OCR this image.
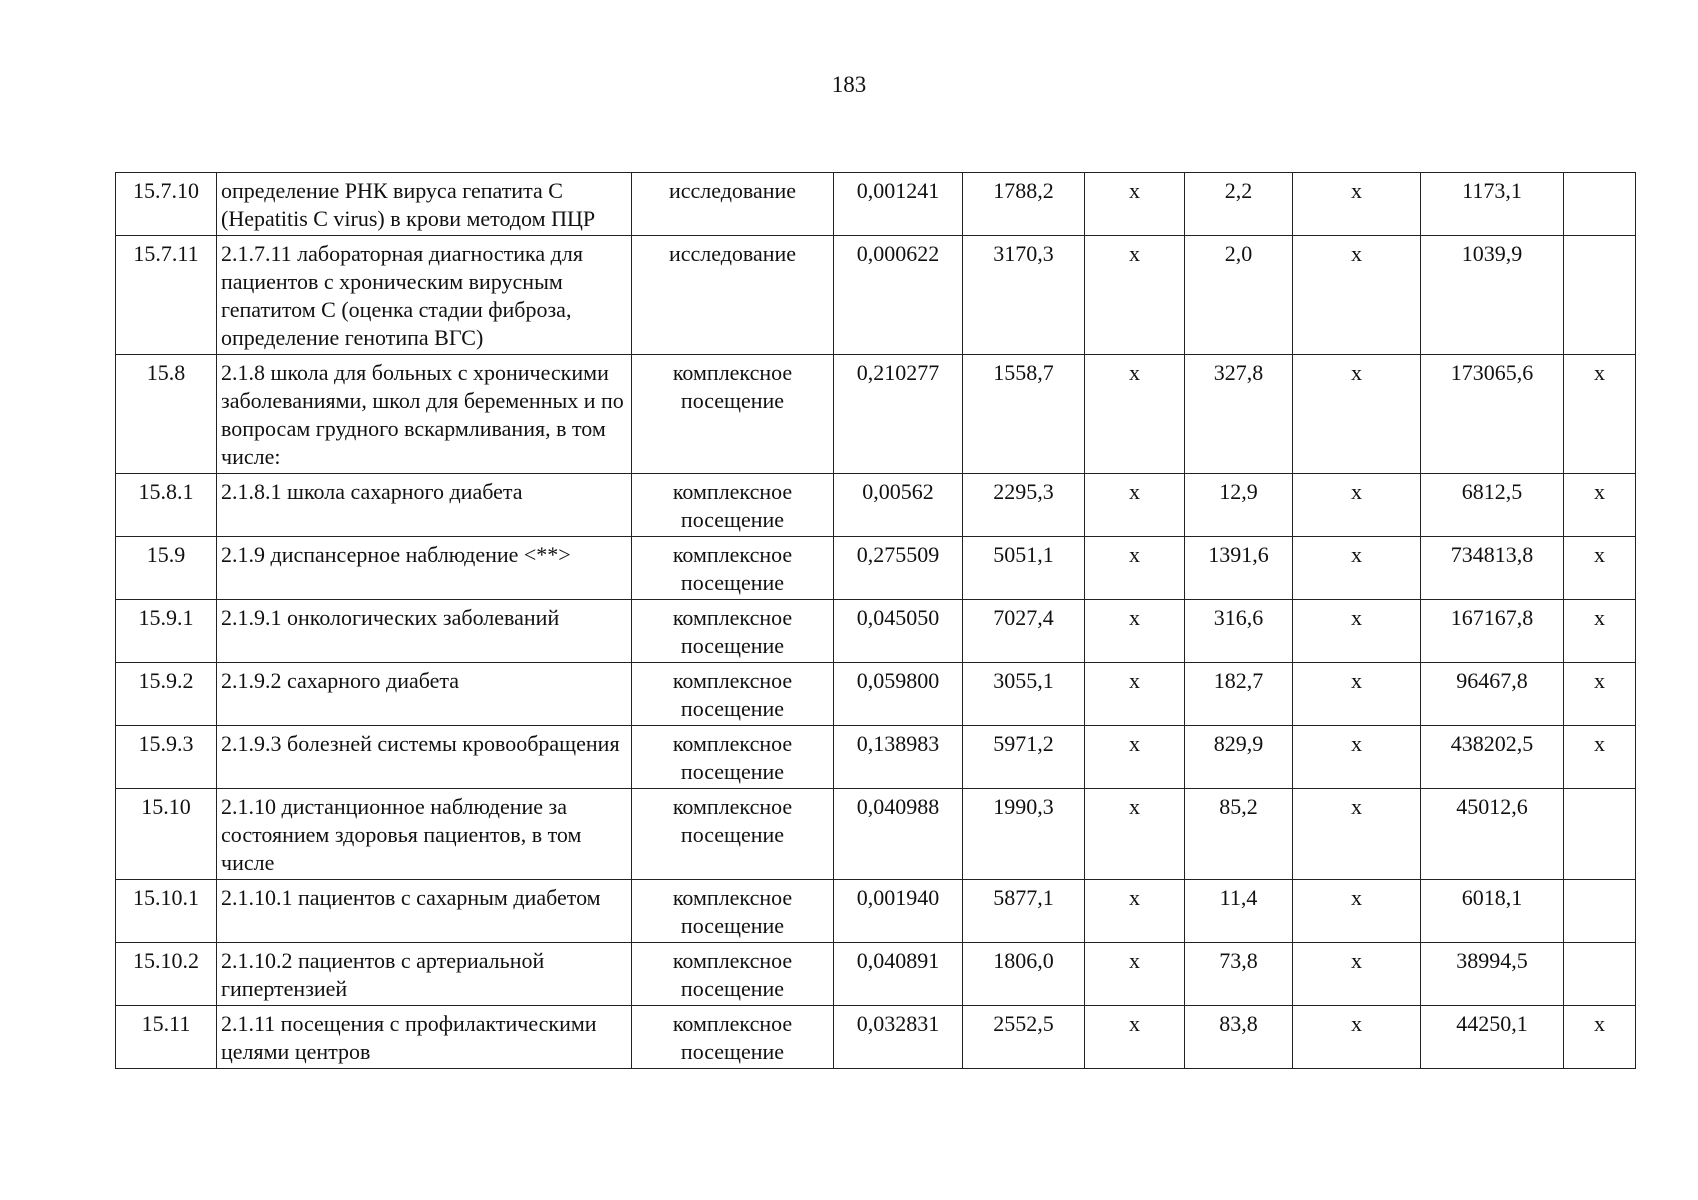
183
15.7.10	определение РНК вируса гепатита С (Hepatitis C virus) в крови методом ПЦР	исследование	0,001241	1788,2	х	2,2	х	1173,1	
15.7.11	2.1.7.11 лабораторная диагностика для пациентов с хроническим вирусным гепатитом С (оценка стадии фиброза, определение генотипа ВГС)	исследование	0,000622	3170,3	х	2,0	х	1039,9	
15.8	2.1.8 школа для больных с хроническими заболеваниями, школ для беременных и по вопросам грудного вскармливания, в том числе:	комплексное посещение	0,210277	1558,7	х	327,8	х	173065,6	х
15.8.1	2.1.8.1 школа сахарного диабета	комплексное посещение	0,00562	2295,3	х	12,9	х	6812,5	х
15.9	2.1.9 диспансерное наблюдение <**>	комплексное посещение	0,275509	5051,1	х	1391,6	х	734813,8	х
15.9.1	2.1.9.1 онкологических заболеваний	комплексное посещение	0,045050	7027,4	х	316,6	х	167167,8	х
15.9.2	2.1.9.2 сахарного диабета	комплексное посещение	0,059800	3055,1	х	182,7	х	96467,8	х
15.9.3	2.1.9.3 болезней системы кровообращения	комплексное посещение	0,138983	5971,2	х	829,9	х	438202,5	х
15.10	2.1.10 дистанционное наблюдение за состоянием здоровья пациентов, в том числе	комплексное посещение	0,040988	1990,3	х	85,2	х	45012,6	
15.10.1	2.1.10.1 пациентов с сахарным диабетом	комплексное посещение	0,001940	5877,1	х	11,4	х	6018,1	
15.10.2	2.1.10.2 пациентов с артериальной гипертензией	комплексное посещение	0,040891	1806,0	х	73,8	х	38994,5	
15.11	2.1.11 посещения с профилактическими целями центров	комплексное посещение	0,032831	2552,5	х	83,8	х	44250,1	х
